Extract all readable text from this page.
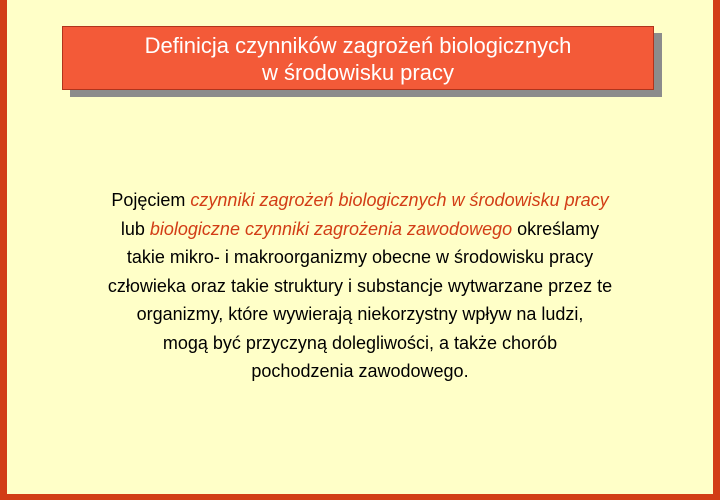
Definicja czynników zagrożeń biologicznych
w środowisku pracy
Pojęciem czynniki zagrożeń biologicznych w środowisku pracy
lub biologiczne czynniki zagrożenia zawodowego określamy
takie mikro- i makroorganizmy obecne w środowisku pracy
człowieka oraz takie struktury i substancje wytwarzane przez te
organizmy, które wywierają niekorzystny wpływ na ludzi,
mogą być przyczyną dolegliwości, a także chorób
pochodzenia zawodowego.
